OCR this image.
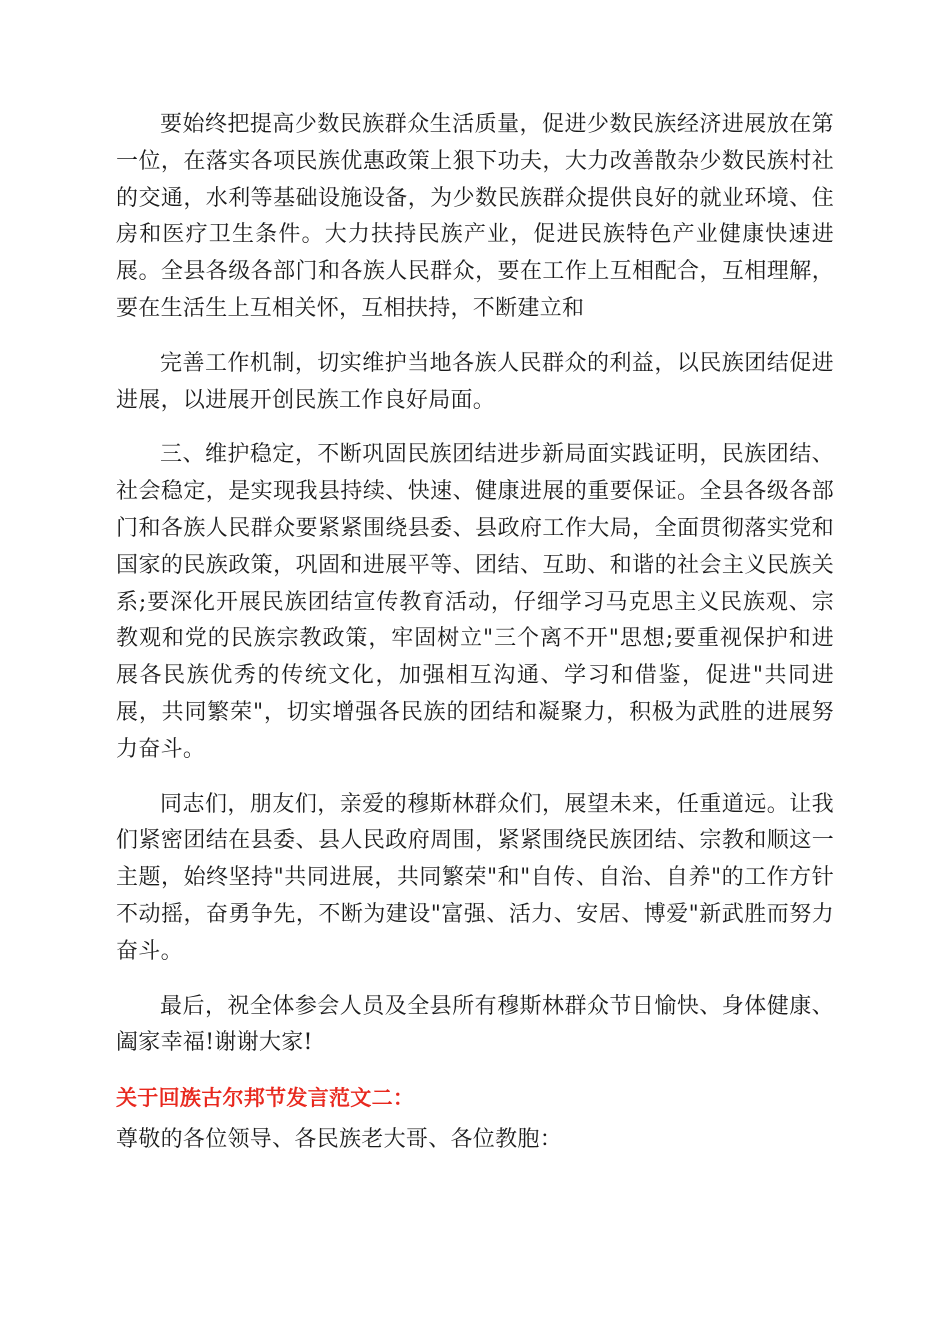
要始终把提高少数民族群众生活质量，促进少数民族经济进展放在第一位，在落实各项民族优惠政策上狠下功夫，大力改善散杂少数民族村社的交通，水利等基础设施设备，为少数民族群众提供良好的就业环境、住房和医疗卫生条件。大力扶持民族产业，促进民族特色产业健康快速进展。全县各级各部门和各族人民群众，要在工作上互相配合，互相理解，要在生活生上互相关怀，互相扶持，不断建立和

完善工作机制，切实维护当地各族人民群众的利益，以民族团结促进进展，以进展开创民族工作良好局面。

三、维护稳定，不断巩固民族团结进步新局面实践证明，民族团结、社会稳定，是实现我县持续、快速、健康进展的重要保证。全县各级各部门和各族人民群众要紧紧围绕县委、县政府工作大局，全面贯彻落实党和国家的民族政策，巩固和进展平等、团结、互助、和谐的社会主义民族关系;要深化开展民族团结宣传教育活动，仔细学习马克思主义民族观、宗教观和党的民族宗教政策，牢固树立"三个离不开"思想;要重视保护和进展各民族优秀的传统文化，加强相互沟通、学习和借鉴，促进"共同进展，共同繁荣"，切实增强各民族的团结和凝聚力，积极为武胜的进展努力奋斗。

同志们，朋友们，亲爱的穆斯林群众们，展望未来，任重道远。让我们紧密团结在县委、县人民政府周围，紧紧围绕民族团结、宗教和顺这一主题，始终坚持"共同进展，共同繁荣"和"自传、自治、自养"的工作方针不动摇，奋勇争先，不断为建设"富强、活力、安居、博爱"新武胜而努力奋斗。

最后，祝全体参会人员及全县所有穆斯林群众节日愉快、身体健康、阖家幸福!谢谢大家!

关于回族古尔邦节发言范文二：

尊敬的各位领导、各民族老大哥、各位教胞：
